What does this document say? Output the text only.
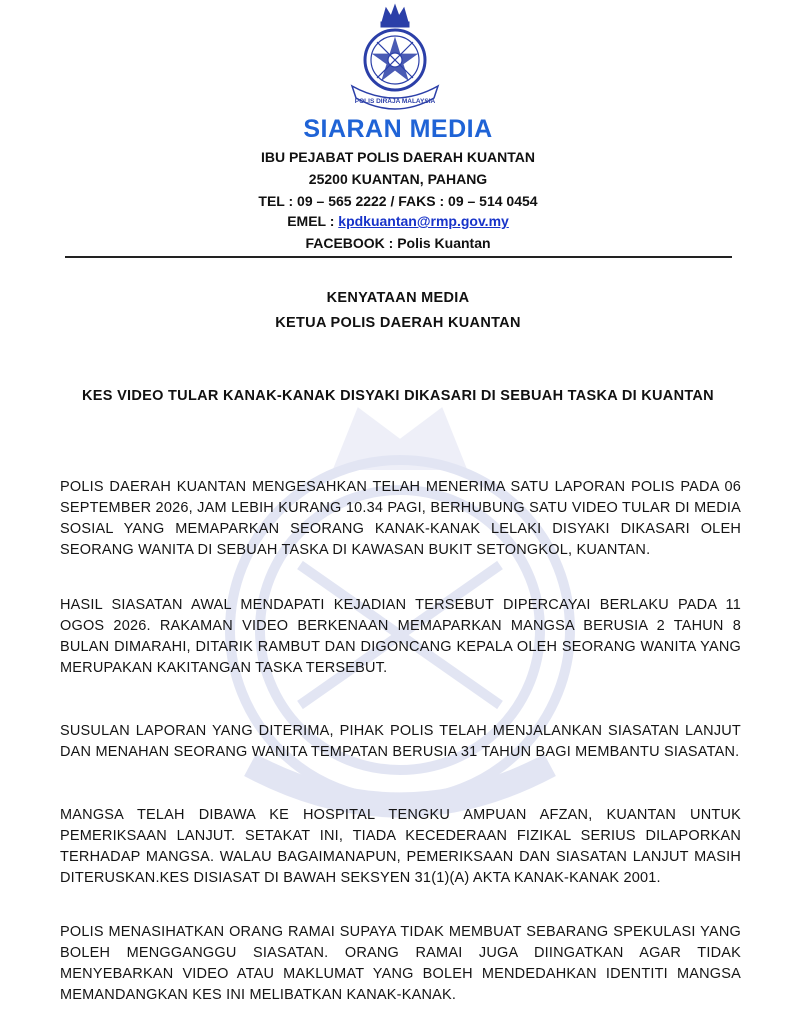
POLIS DIRAJA MALAYSIA
SIARAN MEDIA
IBU PEJABAT POLIS DAERAH KUANTAN
25200 KUANTAN, PAHANG
TEL : 09 – 565 2222 / FAKS : 09 – 514 0454
EMEL : kpdkuantan@rmp.gov.my
FACEBOOK : Polis Kuantan
KENYATAAN MEDIA
KETUA POLIS DAERAH KUANTAN
KES VIDEO TULAR KANAK-KANAK DISYAKI DIKASARI DI SEBUAH TASKA DI KUANTAN

POLIS DAERAH KUANTAN MENGESAHKAN TELAH MENERIMA SATU LAPORAN POLIS PADA 06 SEPTEMBER 2026, JAM LEBIH KURANG 10.34 PAGI, BERHUBUNG SATU VIDEO TULAR DI MEDIA SOSIAL YANG MEMAPARKAN SEORANG KANAK-KANAK LELAKI DISYAKI DIKASARI OLEH SEORANG WANITA DI SEBUAH TASKA DI KAWASAN BUKIT SETONGKOL, KUANTAN.

HASIL SIASATAN AWAL MENDAPATI KEJADIAN TERSEBUT DIPERCAYAI BERLAKU PADA 11 OGOS 2026. RAKAMAN VIDEO BERKENAAN MEMAPARKAN MANGSA BERUSIA 2 TAHUN 8 BULAN DIMARAHI, DITARIK RAMBUT DAN DIGONCANG KEPALA OLEH SEORANG WANITA YANG MERUPAKAN KAKITANGAN TASKA TERSEBUT.

SUSULAN LAPORAN YANG DITERIMA, PIHAK POLIS TELAH MENJALANKAN SIASATAN LANJUT DAN MENAHAN SEORANG WANITA TEMPATAN BERUSIA 31 TAHUN BAGI MEMBANTU SIASATAN.

MANGSA TELAH DIBAWA KE HOSPITAL TENGKU AMPUAN AFZAN, KUANTAN UNTUK PEMERIKSAAN LANJUT. SETAKAT INI, TIADA KECEDERAAN FIZIKAL SERIUS DILAPORKAN TERHADAP MANGSA. WALAU BAGAIMANAPUN, PEMERIKSAAN DAN SIASATAN LANJUT MASIH DITERUSKAN.KES DISIASAT DI BAWAH SEKSYEN 31(1)(A) AKTA KANAK-KANAK 2001.

POLIS MENASIHATKAN ORANG RAMAI SUPAYA TIDAK MEMBUAT SEBARANG SPEKULASI YANG BOLEH MENGGANGGU SIASATAN. ORANG RAMAI JUGA DIINGATKAN AGAR TIDAK MENYEBARKAN VIDEO ATAU MAKLUMAT YANG BOLEH MENDEDAHKAN IDENTITI MANGSA MEMANDANGKAN KES INI MELIBATKAN KANAK-KANAK.
